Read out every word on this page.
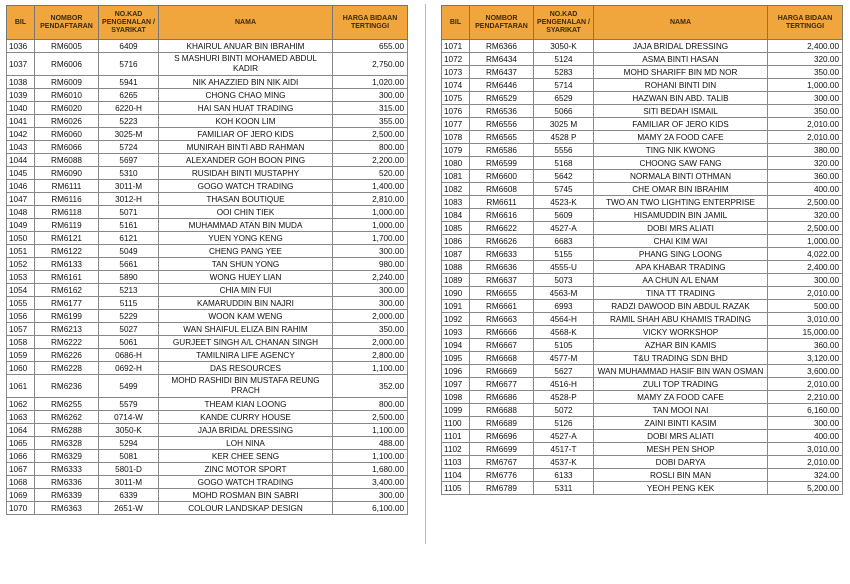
BIL	NOMBOR PENDAFTARAN	NO.KAD PENGENALAN / SYARIKAT	NAMA	HARGA BIDAAN TERTINGGI
1036	RM6005	6409	KHAIRUL ANUAR BIN IBRAHIM	655.00
1037	RM6006	5716	S MASHURI BINTI MOHAMED ABDUL KADIR	2,750.00
1038	RM6009	5941	NIK AHAZZIED BIN NIK AIDI	1,020.00
1039	RM6010	6265	CHONG CHAO MING	300.00
1040	RM6020	6220-H	HAI SAN HUAT TRADING	315.00
1041	RM6026	5223	KOH KOON LIM	355.00
1042	RM6060	3025-M	FAMILIAR OF JERO KIDS	2,500.00
1043	RM6066	5724	MUNIRAH BINTI ABD RAHMAN	800.00
1044	RM6088	5697	ALEXANDER GOH BOON PING	2,200.00
1045	RM6090	5310	RUSIDAH BINTI MUSTAPHY	520.00
1046	RM6111	3011-M	GOGO WATCH TRADING	1,400.00
1047	RM6116	3012-H	THASAN BOUTIQUE	2,810.00
1048	RM6118	5071	OOI CHIN TIEK	1,000.00
1049	RM6119	5161	MUHAMMAD ATAN BIN MUDA	1,000.00
1050	RM6121	6121	YUEN YONG KENG	1,700.00
1051	RM6122	5049	CHENG PANG YEE	300.00
1052	RM6133	5661	TAN SHUN YONG	980.00
1053	RM6161	5890	WONG HUEY LIAN	2,240.00
1054	RM6162	5213	CHIA MIN FUI	300.00
1055	RM6177	5115	KAMARUDDIN BIN NAJRI	300.00
1056	RM6199	5229	WOON KAM WENG	2,000.00
1057	RM6213	5027	WAN SHAIFUL ELIZA BIN RAHIM	350.00
1058	RM6222	5061	GURJEET SINGH A/L CHANAN SINGH	2,000.00
1059	RM6226	0686-H	TAMILNIRA LIFE AGENCY	2,800.00
1060	RM6228	0692-H	DAS RESOURCES	1,100.00
1061	RM6236	5499	MOHD RASHIDI BIN MUSTAFA REUNG PRACH	352.00
1062	RM6255	5579	THEAM KIAN LOONG	800.00
1063	RM6262	0714-W	KANDE CURRY HOUSE	2,500.00
1064	RM6288	3050-K	JAJA BRIDAL DRESSING	1,100.00
1065	RM6328	5294	LOH NINA	488.00
1066	RM6329	5081	KER CHEE SENG	1,100.00
1067	RM6333	5801-D	ZINC MOTOR SPORT	1,680.00
1068	RM6336	3011-M	GOGO WATCH TRADING	3,400.00
1069	RM6339	6339	MOHD ROSMAN BIN SABRI	300.00
1070	RM6363	2651-W	COLOUR LANDSKAP DESIGN	6,100.00
BIL	NOMBOR PENDAFTARAN	NO.KAD PENGENALAN / SYARIKAT	NAMA	HARGA BIDAAN TERTINGGI
1071	RM6366	3050-K	JAJA BRIDAL DRESSING	2,400.00
1072	RM6434	5124	ASMA BINTI HASAN	320.00
1073	RM6437	5283	MOHD SHARIFF BIN MD NOR	350.00
1074	RM6446	5714	ROHANI BINTI DIN	1,000.00
1075	RM6529	6529	HAZWAN BIN ABD. TALIB	300.00
1076	RM6536	5066	SITI BEDAH ISMAIL	350.00
1077	RM6556	3025 M	FAMILIAR OF JERO KIDS	2,010.00
1078	RM6565	4528 P	MAMY 2A FOOD CAFE	2,010.00
1079	RM6586	5556	TING NIK KWONG	380.00
1080	RM6599	5168	CHOONG SAW FANG	320.00
1081	RM6600	5642	NORMALA BINTI OTHMAN	360.00
1082	RM6608	5745	CHE OMAR BIN IBRAHIM	400.00
1083	RM6611	4523-K	TWO AN TWO LIGHTING ENTERPRISE	2,500.00
1084	RM6616	5609	HISAMUDDIN BIN JAMIL	320.00
1085	RM6622	4527-A	DOBI MRS ALIATI	2,500.00
1086	RM6626	6683	CHAI KIM WAI	1,000.00
1087	RM6633	5155	PHANG SING LOONG	4,022.00
1088	RM6636	4555-U	APA KHABAR TRADING	2,400.00
1089	RM6637	5073	AA CHUN A/L ENAM	300.00
1090	RM6655	4563-M	TINA TT TRADING	2,010.00
1091	RM6661	6993	RADZI DAWOOD BIN ABDUL RAZAK	500.00
1092	RM6663	4564-H	RAMIL SHAH ABU KHAMIS TRADING	3,010.00
1093	RM6666	4568-K	VICKY WORKSHOP	15,000.00
1094	RM6667	5105	AZHAR BIN KAMIS	360.00
1095	RM6668	4577-M	T&U TRADING SDN BHD	3,120.00
1096	RM6669	5627	WAN MUHAMMAD HASIF BIN WAN OSMAN	3,600.00
1097	RM6677	4516-H	ZULI TOP TRADING	2,010.00
1098	RM6686	4528-P	MAMY ZA FOOD CAFE	2,210.00
1099	RM6688	5072	TAN MOOI NAI	6,160.00
1100	RM6689	5126	ZAINI BINTI KASIM	300.00
1101	RM6696	4527-A	DOBI MRS ALIATI	400.00
1102	RM6699	4517-T	MESH PEN SHOP	3,010.00
1103	RM6767	4537-K	DOBI DARYA	2,010.00
1104	RM6776	6133	ROSLI BIN MAN	324.00
1105	RM6789	5311	YEOH PENG KEK	5,200.00
